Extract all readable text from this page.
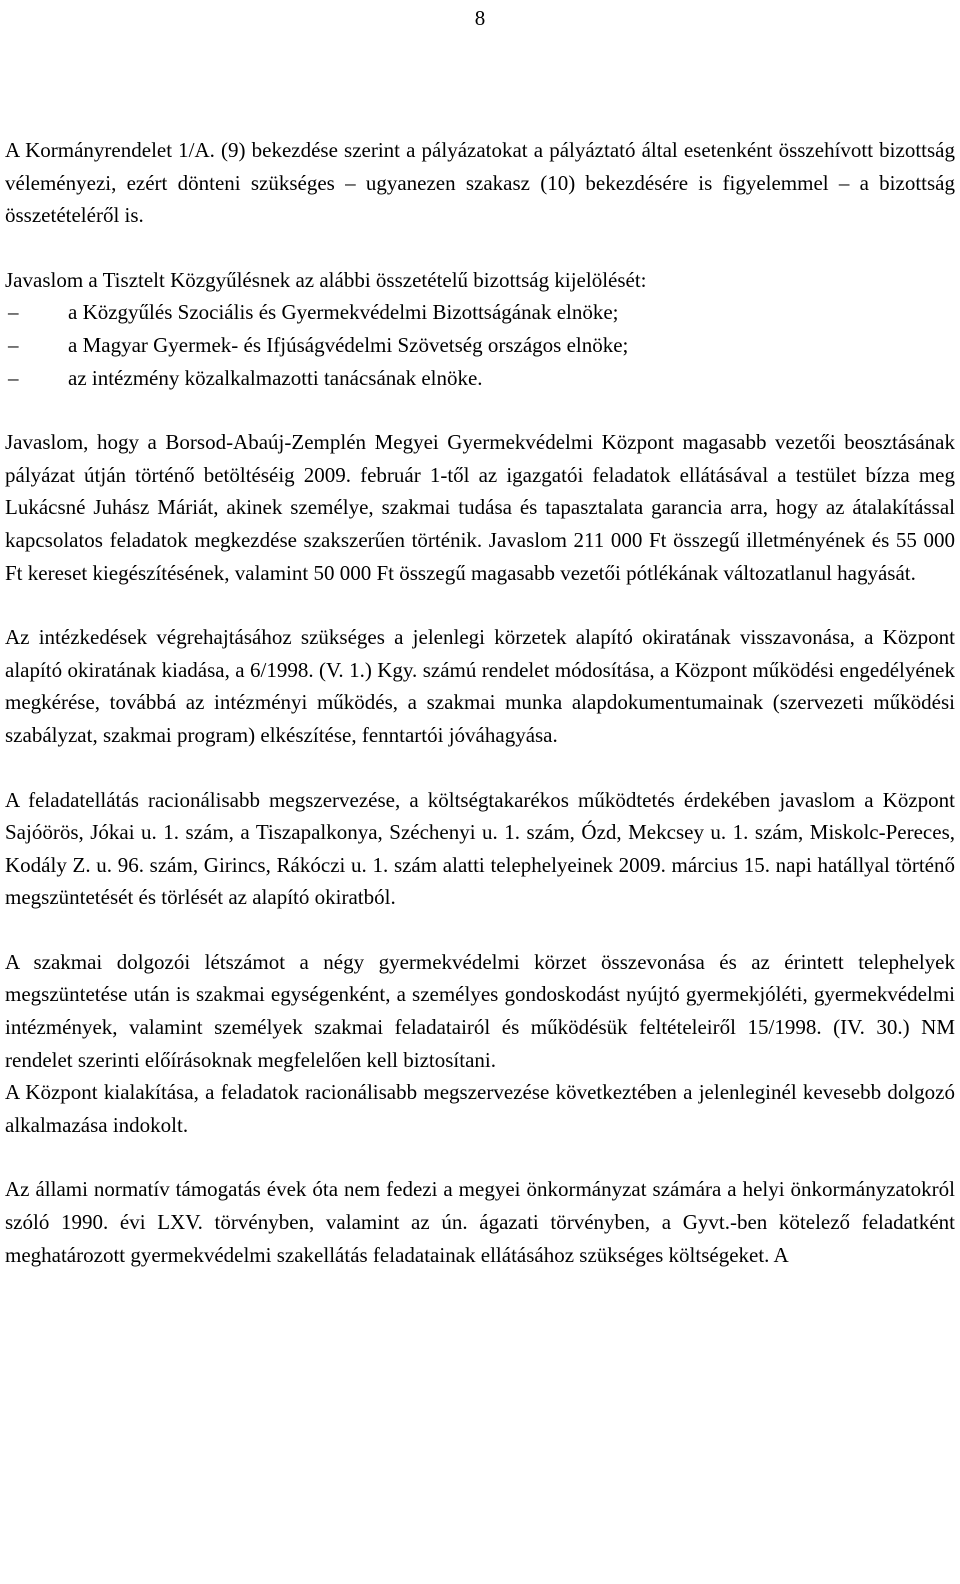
8

A Kormányrendelet 1/A. (9) bekezdése szerint a pályázatokat a pályáztató által esetenként összehívott bizottság véleményezi, ezért dönteni szükséges – ugyanezen szakasz (10) bekezdésére is figyelemmel – a bizottság összetételéről is.

Javaslom a Tisztelt Közgyűlésnek az alábbi összetételű bizottság kijelölését:

– a Közgyűlés Szociális és Gyermekvédelmi Bizottságának elnöke;
– a Magyar Gyermek- és Ifjúságvédelmi Szövetség országos elnöke;
– az intézmény közalkalmazotti tanácsának elnöke.

Javaslom, hogy a Borsod-Abaúj-Zemplén Megyei Gyermekvédelmi Központ magasabb vezetői beosztásának pályázat útján történő betöltéséig 2009. február 1-től az igazgatói feladatok ellátásával a testület bízza meg Lukácsné Juhász Máriát, akinek személye, szakmai tudása és tapasztalata garancia arra, hogy az átalakítással kapcsolatos feladatok megkezdése szakszerűen történik. Javaslom 211 000 Ft összegű illetményének és 55 000 Ft kereset kiegészítésének, valamint 50 000 Ft összegű magasabb vezetői pótlékának változatlanul hagyását.

Az intézkedések végrehajtásához szükséges a jelenlegi körzetek alapító okiratának visszavonása, a Központ alapító okiratának kiadása, a 6/1998. (V. 1.) Kgy. számú rendelet módosítása, a Központ működési engedélyének megkérése, továbbá az intézményi működés, a szakmai munka alapdokumentumainak (szervezeti működési szabályzat, szakmai program) elkészítése, fenntartói jóváhagyása.

A feladatellátás racionálisabb megszervezése, a költségtakarékos működtetés érdekében javaslom a Központ Sajóörös, Jókai u. 1. szám, a Tiszapalkonya, Széchenyi u. 1. szám, Ózd, Mekcsey u. 1. szám, Miskolc-Pereces, Kodály Z. u. 96. szám, Girincs, Rákóczi u. 1. szám alatti telephelyeinek 2009. március 15. napi hatállyal történő megszüntetését és törlését az alapító okiratból.

A szakmai dolgozói létszámot a négy gyermekvédelmi körzet összevonása és az érintett telephelyek megszüntetése után is szakmai egységenként, a személyes gondoskodást nyújtó gyermekjóléti, gyermekvédelmi intézmények, valamint személyek szakmai feladatairól és működésük feltételeiről 15/1998. (IV. 30.) NM rendelet szerinti előírásoknak megfelelően kell biztosítani.

A Központ kialakítása, a feladatok racionálisabb megszervezése következtében a jelenleginél kevesebb dolgozó alkalmazása indokolt.

Az állami normatív támogatás évek óta nem fedezi a megyei önkormányzat számára a helyi önkormányzatokról szóló 1990. évi LXV. törvényben, valamint az ún. ágazati törvényben, a Gyvt.-ben kötelező feladatként meghatározott gyermekvédelmi szakellátás feladatainak ellátásához szükséges költségeket. A
